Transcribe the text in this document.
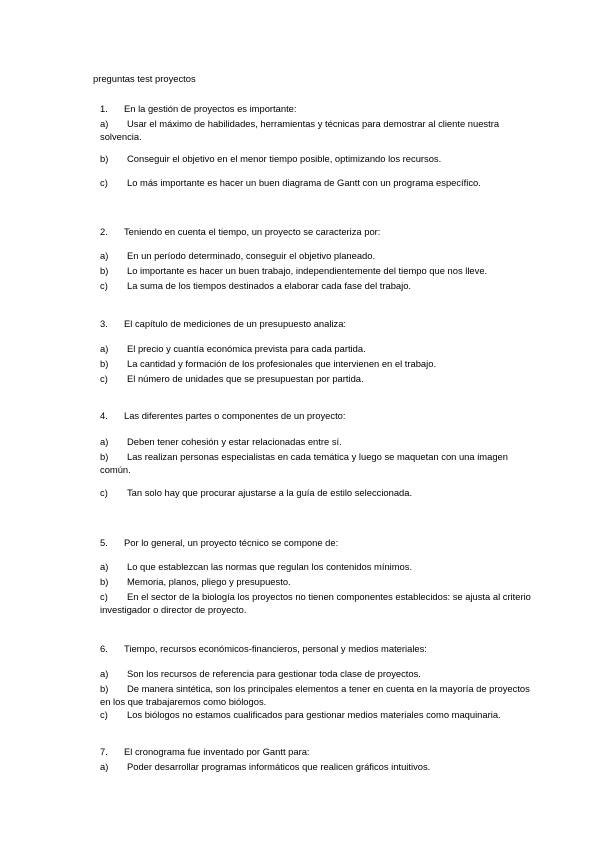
preguntas test proyectos
1. En la gestión de proyectos es importante:
a) Usar el máximo de habilidades, herramientas y técnicas para demostrar al cliente nuestra
solvencia.
b) Conseguir el objetivo en el menor tiempo posible, optimizando los recursos.
c) Lo más importante es hacer un buen diagrama de Gantt con un programa específico.
2. Teniendo en cuenta el tiempo, un proyecto se caracteriza por:
a) En un período determinado, conseguir el objetivo planeado.
b) Lo importante es hacer un buen trabajo, independientemente del tiempo que nos lleve.
c) La suma de los tiempos destinados a elaborar cada fase del trabajo.
3. El capítulo de mediciones de un presupuesto analiza:
a) El precio y cuantía económica prevista para cada partida.
b) La cantidad y formación de los profesionales que intervienen en el trabajo.
c) El número de unidades que se presupuestan por partida.
4. Las diferentes partes o componentes de un proyecto:
a) Deben tener cohesión y estar relacionadas entre sí.
b) Las realizan personas especialistas en cada temática y luego se maquetan con una imagen
común.
c) Tan solo hay que procurar ajustarse a la guía de estilo seleccionada.
5. Por lo general, un proyecto técnico se compone de:
a) Lo que establezcan las normas que regulan los contenidos mínimos.
b) Memoria, planos, pliego y presupuesto.
c) En el sector de la biología los proyectos no tienen componentes establecidos: se ajusta al criterio
investigador o director de proyecto.
6. Tiempo, recursos económicos-financieros, personal y medios materiales:
a) Son los recursos de referencia para gestionar toda clase de proyectos.
b) De manera sintética, son los principales elementos a tener en cuenta en la mayoría de proyectos
en los que trabajaremos como biólogos.
c) Los biólogos no estamos cualificados para gestionar medios materiales como maquinaria.
7. El cronograma fue inventado por Gantt para:
a) Poder desarrollar programas informáticos que realicen gráficos intuitivos.
